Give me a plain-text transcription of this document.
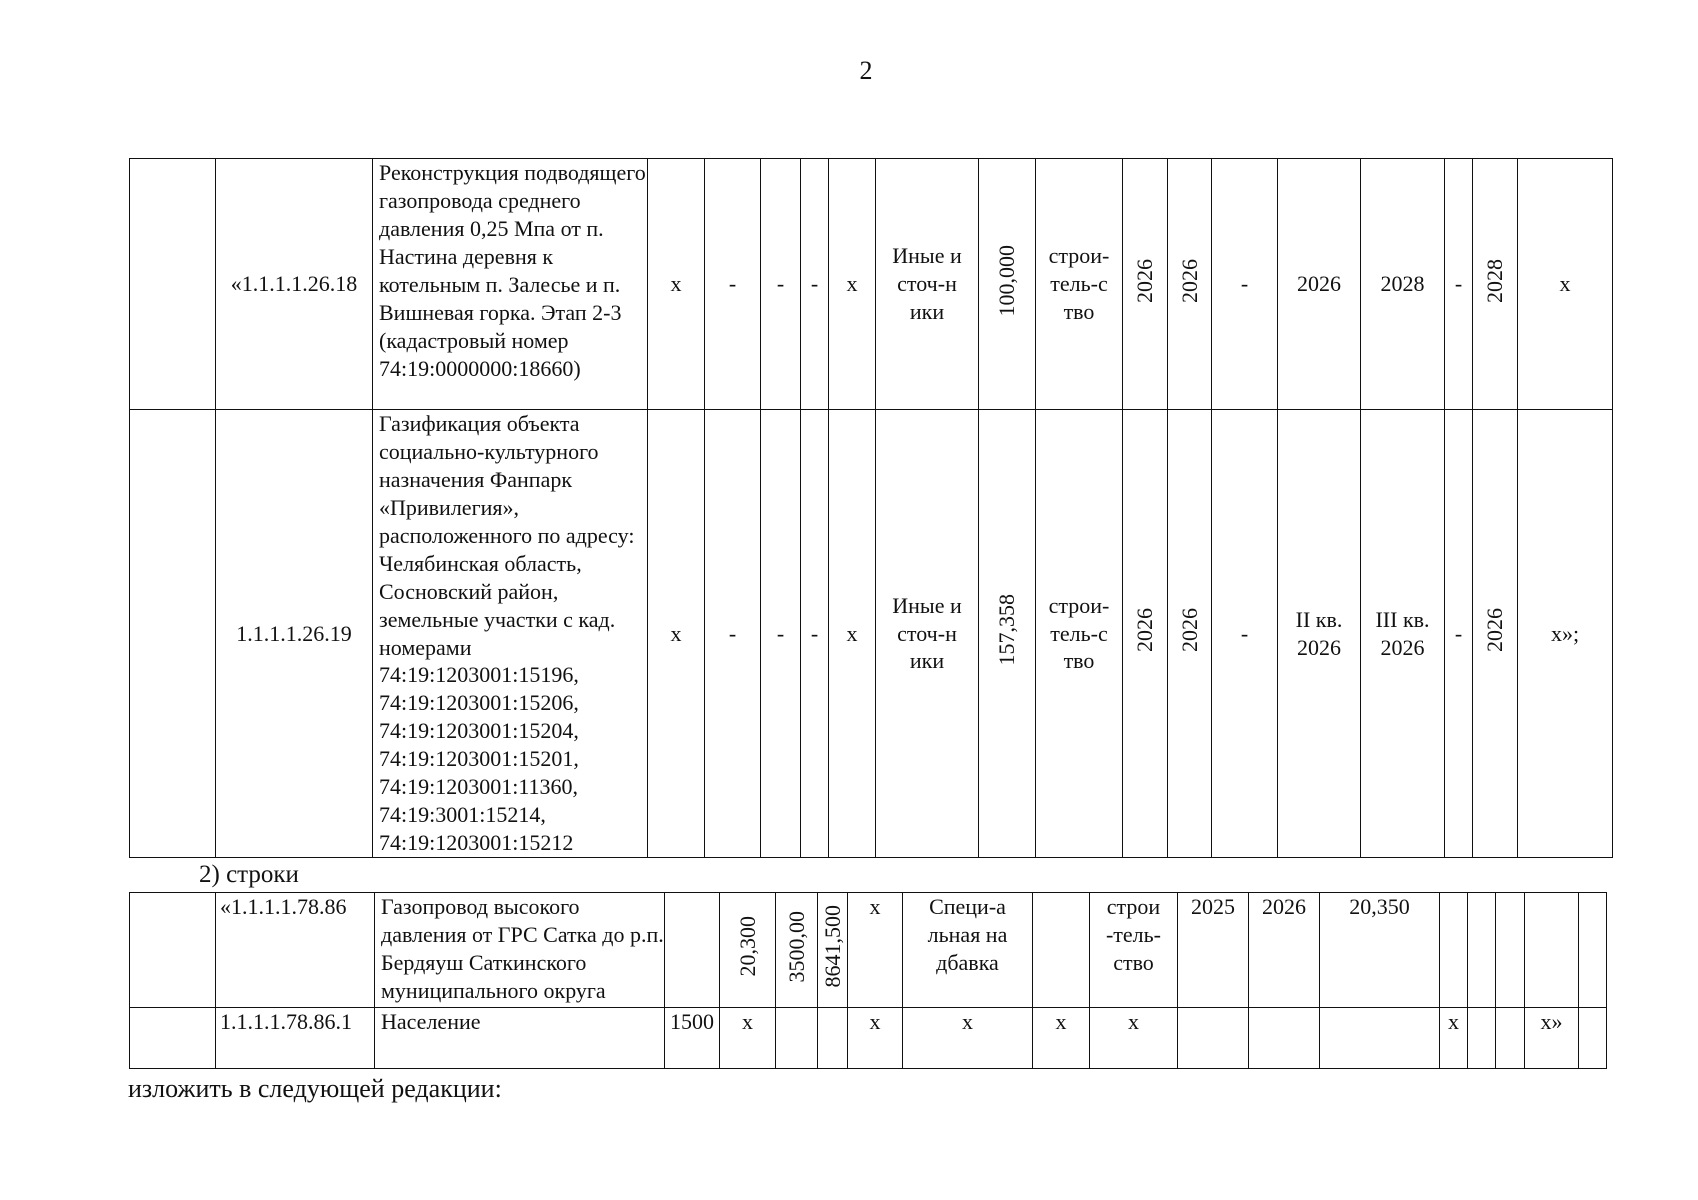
2
	«1.1.1.1.26.18	Реконструкция подводящего газопровода среднего давления 0,25 Мпа от п. Настина деревня к котельным п. Залесье и п. Вишневая горка. Этап 2-3 (кадастровый номер 74:19:0000000:18660)	х	-	-	-	х	Иные источ-ники	100,000	строи-тель-ство	2026	2026	-	2026	2028	-	2028	х
	1.1.1.1.26.19	Газификация объекта социально-культурного назначения Фанпарк «Привилегия», расположенного по адресу: Челябинская область, Сосновский район, земельные участки с кад. номерами 74:19:1203001:15196, 74:19:1203001:15206, 74:19:1203001:15204, 74:19:1203001:15201, 74:19:1203001:11360, 74:19:3001:15214, 74:19:1203001:15212	х	-	-	-	х	Иные источ-ники	157,358	строи-тель-ство	2026	2026	-	II кв. 2026	III кв. 2026	-	2026	х»;
2) строки
	«1.1.1.1.78.86	Газопровод высокого давления от ГРС Сатка до р.п. Бердяуш Саткинского муниципального округа		20,300	3500,00	8641,500	х	Специ-альная надбавка		строи-тель-ство	2025	2026	20,350					
	1.1.1.1.78.86.1	Население	1500	х			х	х	х	х				х			х»	
изложить в следующей редакции:
